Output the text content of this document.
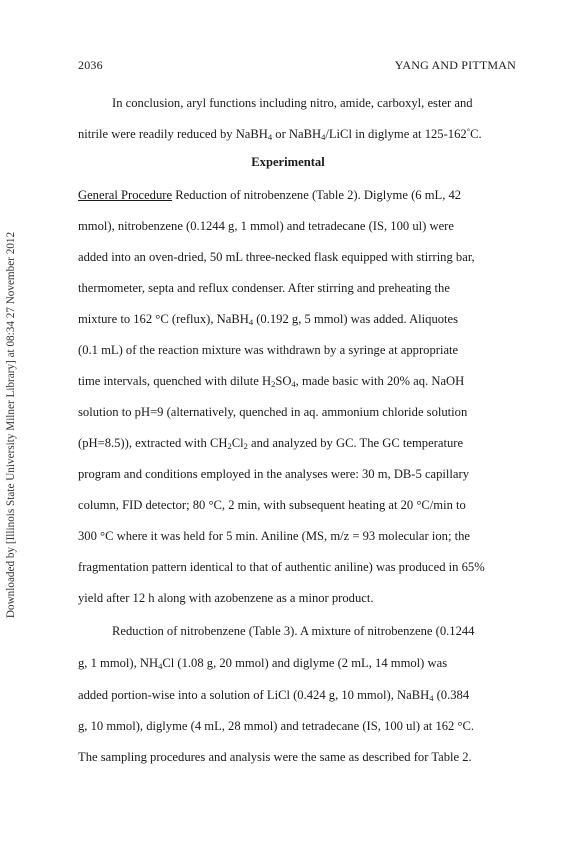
Downloaded by [Illinois State University Milner Library] at 08:34 27 November 2012
2036	YANG AND PITTMAN
In conclusion, aryl functions including nitro, amide, carboxyl, ester and
nitrile were readily reduced by NaBH$_4$ or NaBH$_4$/LiCl in diglyme at 125-162°C.
Experimental
General Procedure Reduction of nitrobenzene (Table 2). Diglyme (6 mL, 42
mmol), nitrobenzene (0.1244 g, 1 mmol) and tetradecane (IS, 100 ul) were
added into an oven-dried, 50 mL three-necked flask equipped with stirring bar,
thermometer, septa and reflux condenser. After stirring and preheating the
mixture to 162 °C (reflux), NaBH$_4$ (0.192 g, 5 mmol) was added. Aliquotes
(0.1 mL) of the reaction mixture was withdrawn by a syringe at appropriate
time intervals, quenched with dilute $H_2SO_4$, made basic with 20% aq. NaOH
solution to pH=9 (alternatively, quenched in aq. ammonium chloride solution
(pH=8.5)), extracted with $CH_2Cl_2$ and analyzed by GC. The GC temperature
program and conditions employed in the analyses were: 30 m, DB-5 capillary
column, FID detector; 80 °C, 2 min, with subsequent heating at 20 °C/min to
300 °C where it was held for 5 min. Aniline (MS, m/z = 93 molecular ion; the
fragmentation pattern identical to that of authentic aniline) was produced in 65%
yield after 12 h along with azobenzene as a minor product.
Reduction of nitrobenzene (Table 3). A mixture of nitrobenzene (0.1244
g, 1 mmol), $NH_4Cl$ (1.08 g, 20 mmol) and diglyme (2 mL, 14 mmol) was
added portion-wise into a solution of LiCl (0.424 g, 10 mmol), NaBH$_4$ (0.384
g, 10 mmol), diglyme (4 mL, 28 mmol) and tetradecane (IS, 100 ul) at 162 °C.
The sampling procedures and analysis were the same as described for Table 2.
